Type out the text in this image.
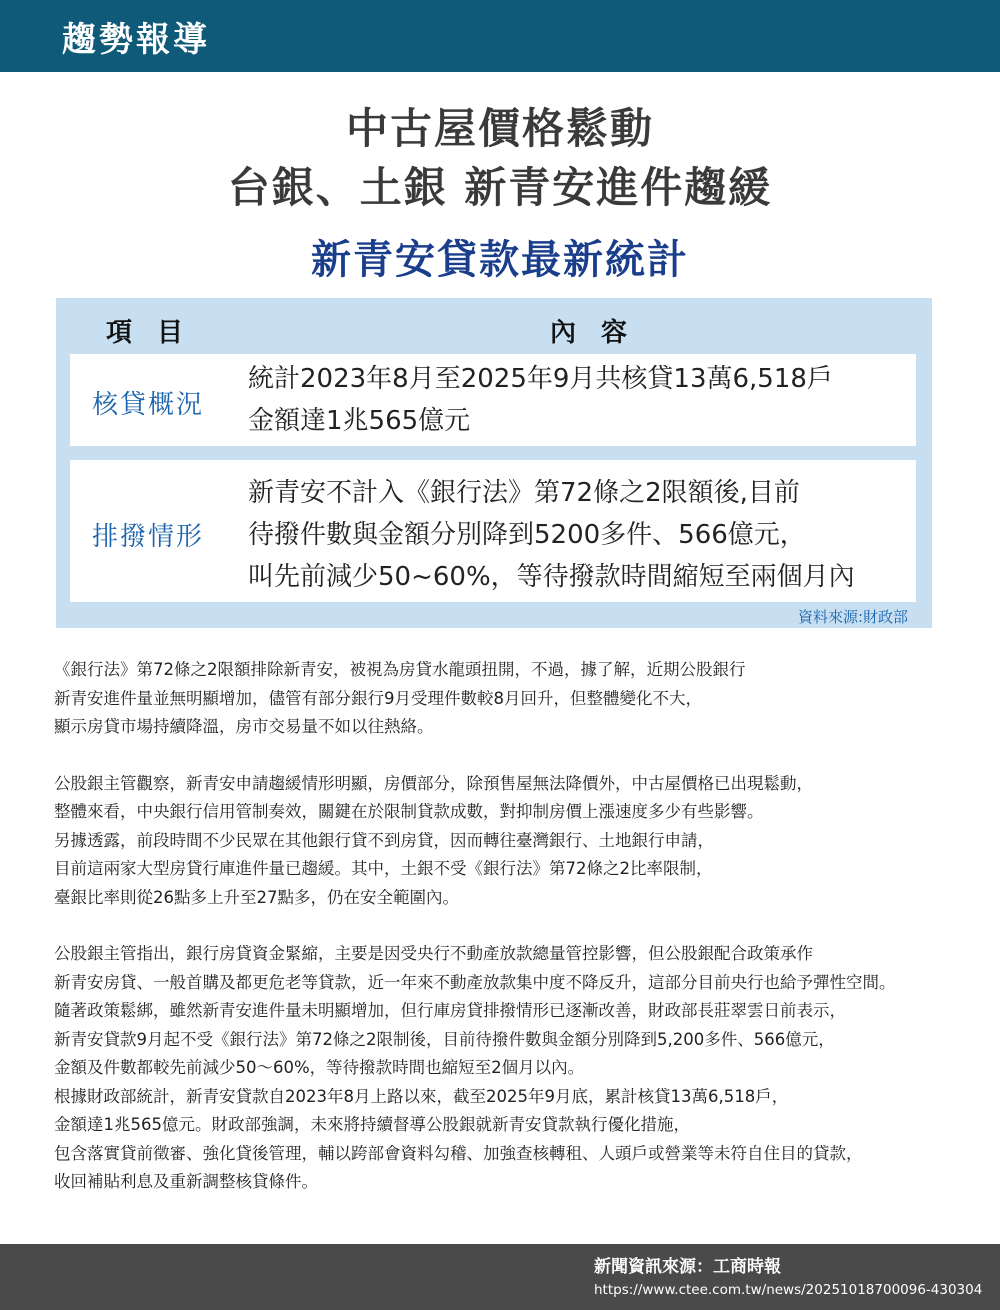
趨勢報導
中古屋價格鬆動
台銀、土銀 新青安進件趨緩
新青安貸款最新統計
項 目	內 容
核貸概況
統計2023年8月至2025年9月共核貸13萬6,518戶
金額達1兆565億元
排撥情形
新青安不計入《銀行法》第72條之2限額後,目前
待撥件數與金額分別降到5200多件、566億元，
叫先前減少50~60%，等待撥款時間縮短至兩個月內
資料來源:財政部

《銀行法》第72條之2限額排除新青安，被視為房貸水龍頭扭開，不過，據了解，近期公股銀行
新青安進件量並無明顯增加，儘管有部分銀行9月受理件數較8月回升，但整體變化不大，
顯示房貸市場持續降溫，房市交易量不如以往熱絡。

公股銀主管觀察，新青安申請趨緩情形明顯，房價部分，除預售屋無法降價外，中古屋價格已出現鬆動，
整體來看，中央銀行信用管制奏效，關鍵在於限制貸款成數，對抑制房價上漲速度多少有些影響。
另據透露，前段時間不少民眾在其他銀行貸不到房貸，因而轉往臺灣銀行、土地銀行申請，
目前這兩家大型房貸行庫進件量已趨緩。其中，土銀不受《銀行法》第72條之2比率限制，
臺銀比率則從26點多上升至27點多，仍在安全範圍內。

公股銀主管指出，銀行房貸資金緊縮，主要是因受央行不動產放款總量管控影響，但公股銀配合政策承作
新青安房貸、一般首購及都更危老等貸款，近一年來不動產放款集中度不降反升，這部分目前央行也給予彈性空間。
隨著政策鬆綁，雖然新青安進件量未明顯增加，但行庫房貸排撥情形已逐漸改善，財政部長莊翠雲日前表示，
新青安貸款9月起不受《銀行法》第72條之2限制後，目前待撥件數與金額分別降到5,200多件、566億元，
金額及件數都較先前減少50～60%，等待撥款時間也縮短至2個月以內。
根據財政部統計，新青安貸款自2023年8月上路以來，截至2025年9月底，累計核貸13萬6,518戶，
金額達1兆565億元。財政部強調，未來將持續督導公股銀就新青安貸款執行優化措施，
包含落實貸前徵審、強化貸後管理，輔以跨部會資料勾稽、加強查核轉租、人頭戶或營業等未符自住目的貸款，
收回補貼利息及重新調整核貸條件。

新聞資訊來源：工商時報
https://www.ctee.com.tw/news/20251018700096-430304
